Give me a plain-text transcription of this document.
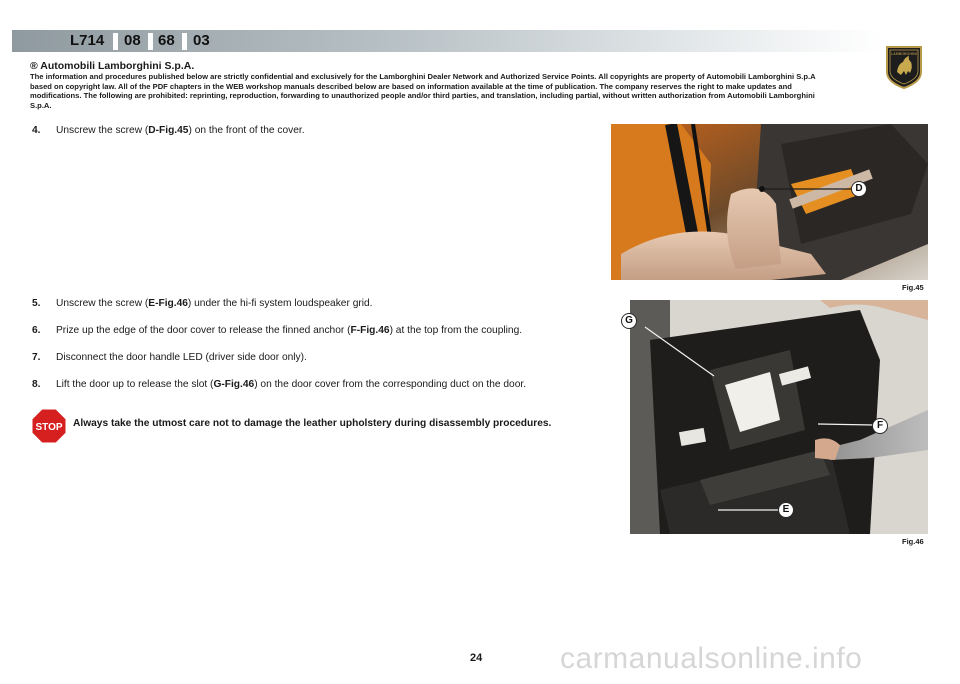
L714 08 68 03
LAMBORGHINI
® Automobili Lamborghini S.p.A.
The information and procedures published below are strictly confidential and exclusively for the Lamborghini Dealer Network and Authorized Service Points. All copyrights are property of Automobili Lamborghini S.p.A based on copyright law. All of the PDF chapters in the WEB workshop manuals described below are based on information available at the time of publication. The company reserves the right to make updates and modifications. The following are prohibited: reprinting, reproduction, forwarding to unauthorized people and/or third parties, and translation, including partial, without written authorization from Automobili Lamborghini S.p.A.
4. Unscrew the screw (D-Fig.45) on the front of the cover.
5. Unscrew the screw (E-Fig.46) under the hi-fi system loudspeaker grid.
6. Prize up the edge of the door cover to release the finned anchor (F-Fig.46) at the top from the coupling.
7. Disconnect the door handle LED (driver side door only).
8. Lift the door up to release the slot (G-Fig.46) on the door cover from the corresponding duct on the door.
STOP Always take the utmost care not to damage the leather upholstery during disassembly procedures.
D
Fig.45
G
F
E
Fig.46
24	carmanualsonline.info
